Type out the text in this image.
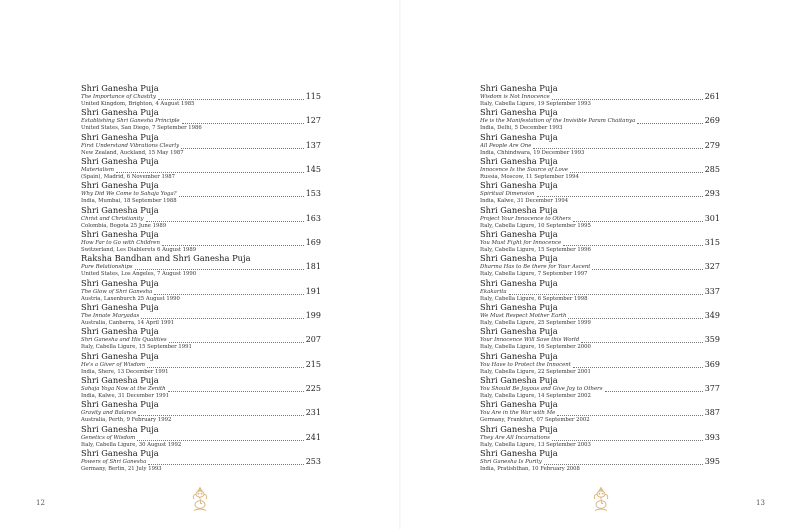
Shri Ganesha Puja
The Importance of Chastity	115
United Kingdom, Brighton, 4 August 1985
Shri Ganesha Puja
Establishing Shri Ganesha Principle	127
United States, San Diego, 7 September 1986
Shri Ganesha Puja
First Understand Vibrations Clearly	137
New Zealand, Auckland, 15 May 1987
Shri Ganesha Puja
Materialism	145
(Spain), Madrid, 6 November 1987
Shri Ganesha Puja
Why Did We Come to Sahaja Yoga?	153
India, Mumbai, 18 September 1988
Shri Ganesha Puja
Christ and Christianity	163
Colombia, Bogota 25 June 1989
Shri Ganesha Puja
How Far to Go with Children	169
Switzerland, Les Diablerets 6 August 1989
Raksha Bandhan and Shri Ganesha Puja
Pure Relationships	181
United States, Los Angeles, 7 August 1990
Shri Ganesha Puja
The Glow of Shri Ganesha	191
Austria, Laxenburch 25 August 1990
Shri Ganesha Puja
The Innate Maryadas	199
Australia, Canberra, 14 April 1991
Shri Ganesha Puja
Shri Ganesha and His Qualities	207
Italy, Cabella Ligure, 15 September 1991
Shri Ganesha Puja
He's a Giver of Wisdom	215
India, Shere, 13 December 1991
Shri Ganesha Puja
Sahaja Yoga Now at the Zenith	225
India, Kalwe, 31 December 1991
Shri Ganesha Puja
Gravity and Balance	231
Australia, Perth, 9 February 1992
Shri Ganesha Puja
Genetics of Wisdom	241
Italy, Cabella Ligure, 30 August 1992
Shri Ganesha Puja
Powers of Shri Ganesha	253
Germany, Berlin, 21 July 1993
12
Shri Ganesha Puja
Wisdom is Not Innocence	261
Italy, Cabella Ligure, 19 September 1993
Shri Ganesha Puja
He is the Manifestation of the Invisible Param Chaitanya	269
India, Delhi, 5 December 1993
Shri Ganesha Puja
All People Are One	279
India, Chhindwara, 19 December 1993
Shri Ganesha Puja
Innocence Is the Source of Love	285
Russia, Moscow, 11 September 1994
Shri Ganesha Puja
Spiritual Dimension	293
India, Kalwe, 31 December 1994
Shri Ganesha Puja
Project Your Innocence to Others	301
Italy, Cabella Ligure, 10 September 1995
Shri Ganesha Puja
You Must Fight for Innocence	315
Italy, Cabella Ligure, 15 September 1996
Shri Ganesha Puja
Dharma Has to Be there for Your Ascent	327
Italy, Cabella Ligure, 7 September 1997
Shri Ganesha Puja
Ekakarita	337
Italy, Cabella Ligure, 6 September 1998
Shri Ganesha Puja
We Must Respect Mother Earth	349
Italy, Cabella Ligure, 25 September 1999
Shri Ganesha Puja
Your Innocence Will Save this World	359
Italy, Cabella Ligure, 16 September 2000
Shri Ganesha Puja
You Have to Protect the Innocent	369
Italy, Cabella Ligure, 22 September 2001
Shri Ganesha Puja
You Should Be Joyous and Give Joy to Others	377
Italy, Cabella Ligure, 14 September 2002
Shri Ganesha Puja
You Are in the War with Me	387
Germany, Frankfurt, 07 September 2002
Shri Ganesha Puja
They Are All Incarnations	393
Italy, Cabella Ligure, 13 September 2003
Shri Ganesha Puja
Shri Ganesha Is Purity	395
India, Pratishthan, 10 February 2008
13
